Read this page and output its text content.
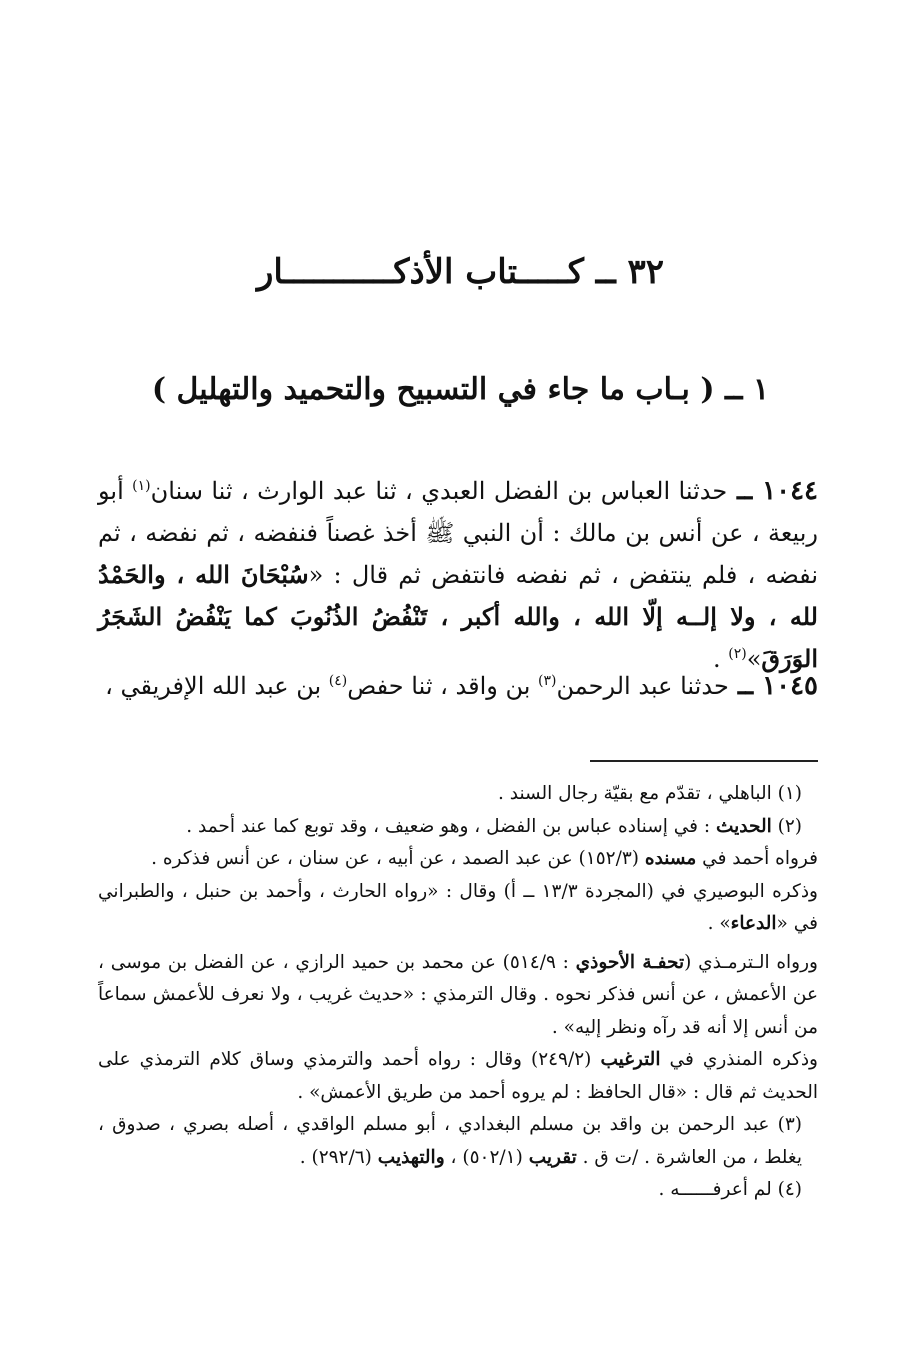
٣٢ ــ كـــــتاب الأذكـــــــــــار
١ ــ ( بـاب ما جاء في التسبيح والتحميد والتهليل )
١٠٤٤ ــ حدثنا العباس بن الفضل العبدي ، ثنا عبد الوارث ، ثنا سنان$^{(١)}$ أبو ربيعة ، عن أنس بن مالك : أن النبي ﷺ أخذ غصناً فنفضه ، ثم نفضه ، ثم نفضه ، فلم ينتفض ، ثم نفضه فانتفض ثم قال : «سُبْحَانَ الله ، والحَمْدُ لله ، ولا إلــه إلّا الله ، والله أكبر ، تَنْفُضُ الذُنُوبَ كما يَنْفُضُ الشَجَرُ الوَرَقَ»$^{(٢)}$ .
١٠٤٥ ــ حدثنا عبد الرحمن$^{(٣)}$ بن واقد ، ثنا حفص$^{(٤)}$ بن عبد الله الإفريقي ،

(١) الباهلي ، تقدّم مع بقيّة رجال السند .

(٢) الحديث : في إسناده عباس بن الفضل ، وهو ضعيف ، وقد توبع كما عند أحمد .

فرواه أحمد في مسنده (١٥٢/٣) عن عبد الصمد ، عن أبيه ، عن سنان ، عن أنس فذكره .

وذكره البوصيري في (المجردة ١٣/٣ ــ أ) وقال : «رواه الحارث ، وأحمد بن حنبل ، والطبراني في «الدعاء» .

ورواه الـترمـذي (تحفـة الأحوذي : ٥١٤/٩) عن محمد بن حميد الرازي ، عن الفضل بن موسى ، عن الأعمش ، عن أنس فذكر نحوه . وقال الترمذي : «حديث غريب ، ولا نعرف للأعمش سماعاً من أنس إلا أنه قد رآه ونظر إليه» .

وذكره المنذري في الترغيب (٢٤٩/٢) وقال : رواه أحمد والترمذي وساق كلام الترمذي على الحديث ثم قال : «قال الحافظ : لم يروه أحمد من طريق الأعمش» .

(٣) عبد الرحمن بن واقد بن مسلم البغدادي ، أبو مسلم الواقدي ، أصله بصري ، صدوق ، يغلط ، من العاشرة . /ت ق . تقريب (٥٠٢/١) ، والتهذيب (٢٩٢/٦) .

(٤) لم أعرفــــــه .
